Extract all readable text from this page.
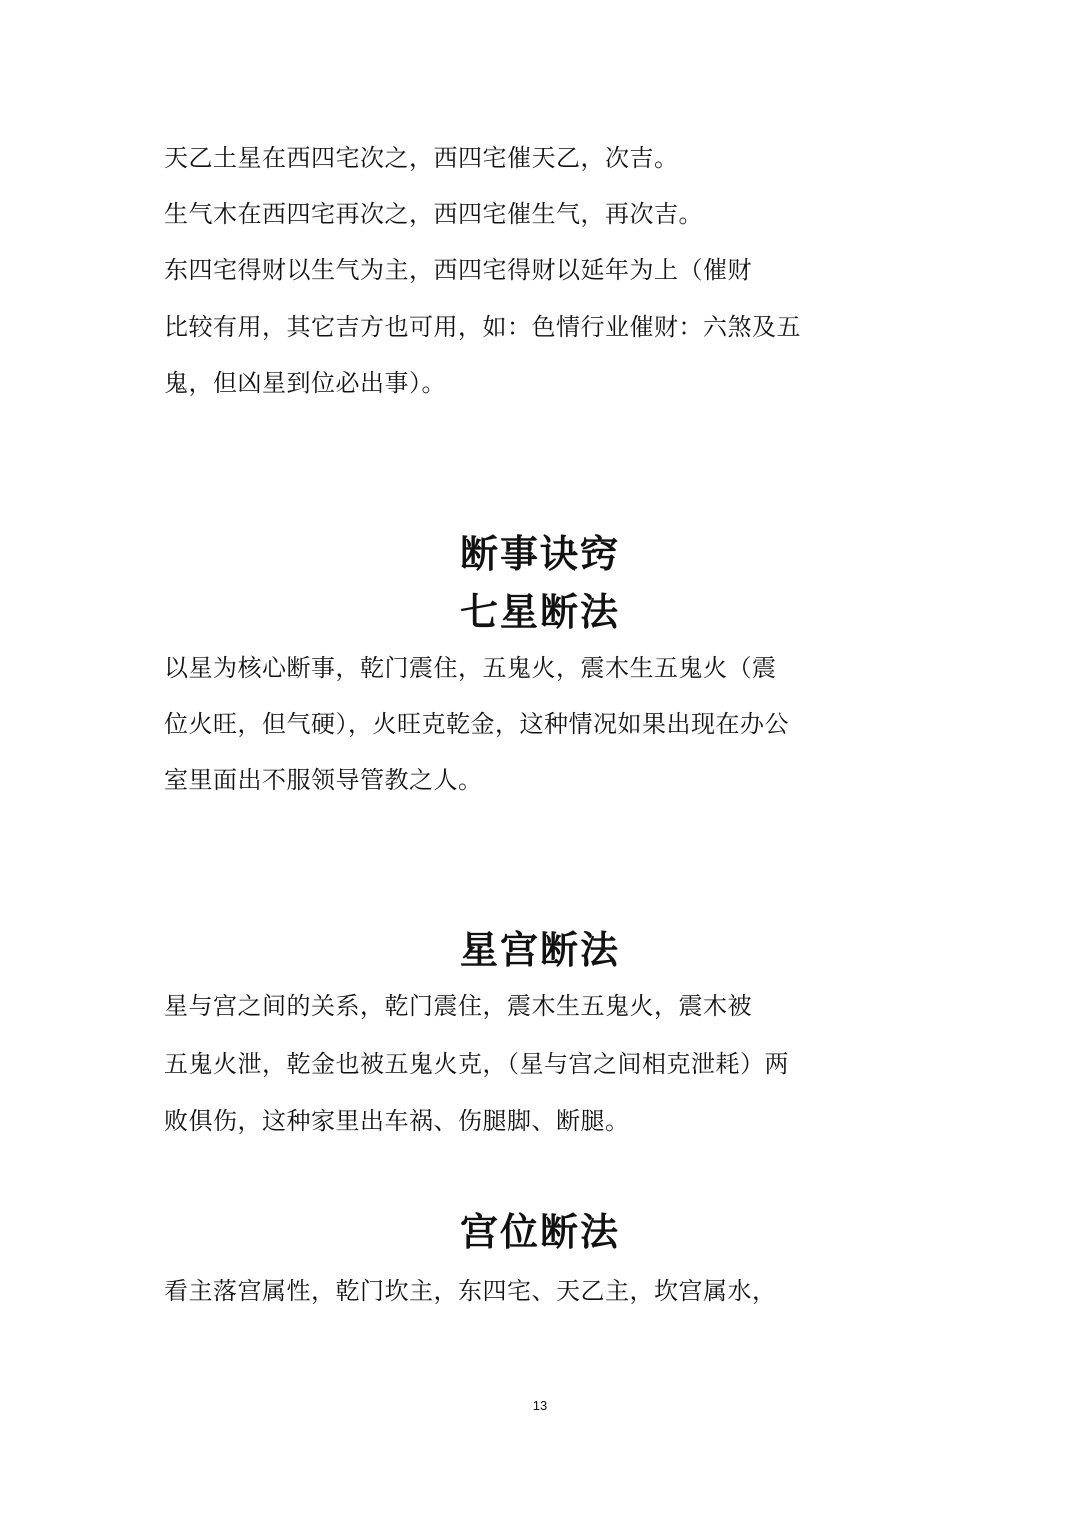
天乙土星在西四宅次之，西四宅催天乙，次吉。
生气木在西四宅再次之，西四宅催生气，再次吉。
东四宅得财以生气为主，西四宅得财以延年为上（催财
比较有用，其它吉方也可用，如：色情行业催财：六煞及五
鬼，但凶星到位必出事）。
断事诀窍
七星断法
以星为核心断事，乾门震住，五鬼火，震木生五鬼火（震
位火旺，但气硬），火旺克乾金，这种情况如果出现在办公
室里面出不服领导管教之人。
星宫断法
星与宫之间的关系，乾门震住，震木生五鬼火，震木被
五鬼火泄，乾金也被五鬼火克，（星与宫之间相克泄耗）两
败俱伤，这种家里出车祸、伤腿脚、断腿。
宫位断法
看主落宫属性，乾门坎主，东四宅、天乙主，坎宫属水，
13
